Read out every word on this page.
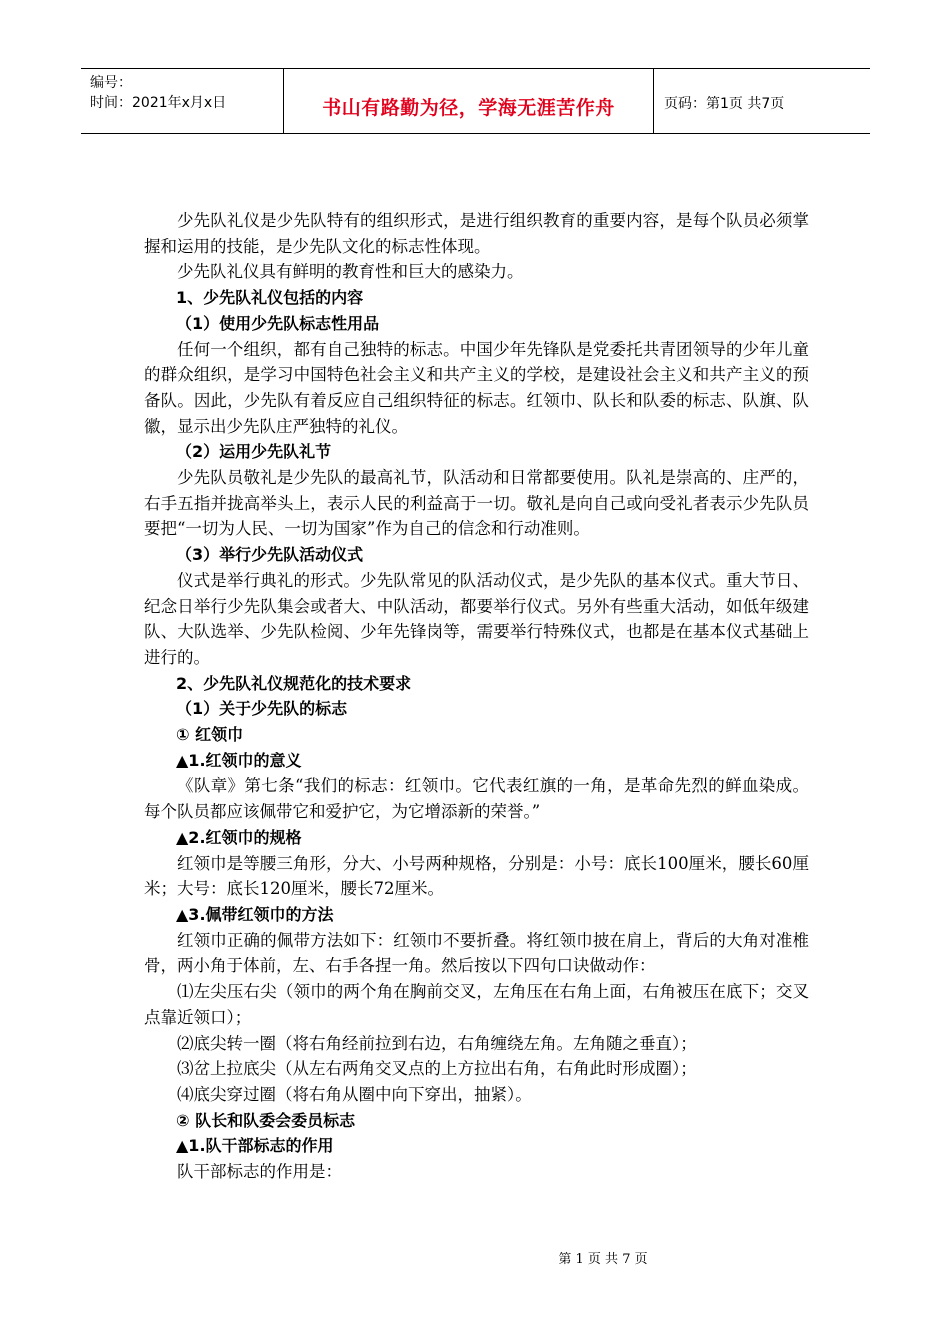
编号：
时间：2021年x月x日	书山有路勤为径，学海无涯苦作舟	页码：第1页 共7页

少先队礼仪是少先队特有的组织形式，是进行组织教育的重要内容，是每个队员必须掌握和运用的技能，是少先队文化的标志性体现。

少先队礼仪具有鲜明的教育性和巨大的感染力。

1、少先队礼仪包括的内容

（1）使用少先队标志性用品

任何一个组织，都有自己独特的标志。中国少年先锋队是党委托共青团领导的少年儿童的群众组织，是学习中国特色社会主义和共产主义的学校，是建设社会主义和共产主义的预备队。因此，少先队有着反应自己组织特征的标志。红领巾、队长和队委的标志、队旗、队徽，显示出少先队庄严独特的礼仪。

（2）运用少先队礼节

少先队员敬礼是少先队的最高礼节，队活动和日常都要使用。队礼是崇高的、庄严的，右手五指并拢高举头上，表示人民的利益高于一切。敬礼是向自己或向受礼者表示少先队员要把“一切为人民、一切为国家”作为自己的信念和行动准则。

（3）举行少先队活动仪式

仪式是举行典礼的形式。少先队常见的队活动仪式，是少先队的基本仪式。重大节日、纪念日举行少先队集会或者大、中队活动，都要举行仪式。另外有些重大活动，如低年级建队、大队选举、少先队检阅、少年先锋岗等，需要举行特殊仪式，也都是在基本仪式基础上进行的。

2、少先队礼仪规范化的技术要求

（1）关于少先队的标志

① 红领巾

▲1.红领巾的意义

《队章》第七条“我们的标志：红领巾。它代表红旗的一角，是革命先烈的鲜血染成。每个队员都应该佩带它和爱护它，为它增添新的荣誉。”

▲2.红领巾的规格

红领巾是等腰三角形，分大、小号两种规格，分别是：小号：底长100厘米，腰长60厘米；大号：底长120厘米，腰长72厘米。

▲3.佩带红领巾的方法

红领巾正确的佩带方法如下：红领巾不要折叠。将红领巾披在肩上，背后的大角对准椎骨，两小角于体前，左、右手各捏一角。然后按以下四句口诀做动作：

⑴左尖压右尖（领巾的两个角在胸前交叉，左角压在右角上面，右角被压在底下；交叉点靠近领口）；

⑵底尖转一圈（将右角经前拉到右边，右角缠绕左角。左角随之垂直）；

⑶岔上拉底尖（从左右两角交叉点的上方拉出右角，右角此时形成圈）；

⑷底尖穿过圈（将右角从圈中向下穿出，抽紧）。

② 队长和队委会委员标志

▲1.队干部标志的作用

队干部标志的作用是：

第 1 页 共 7 页
